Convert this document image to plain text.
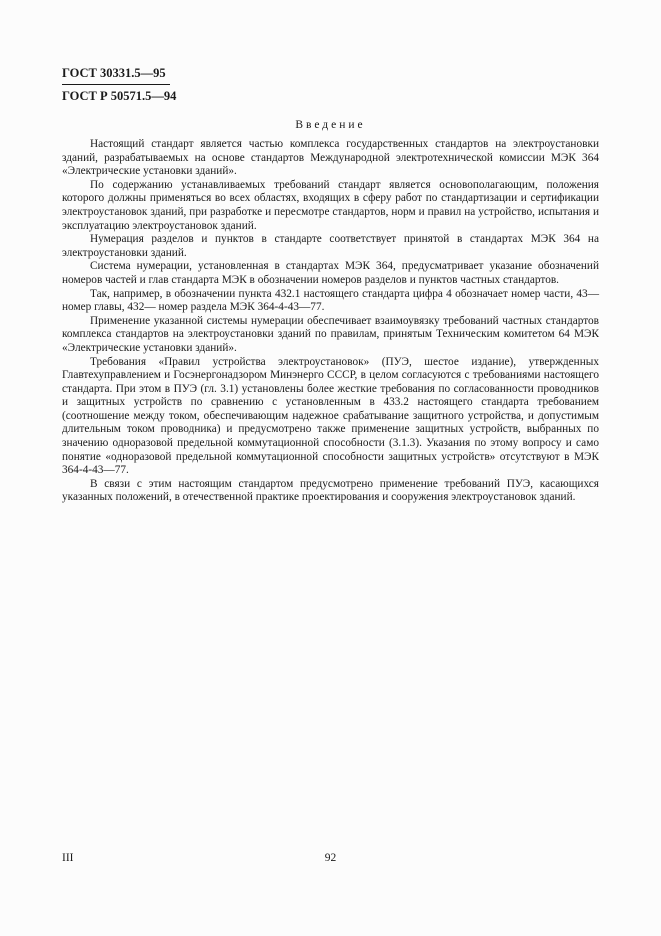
ГОСТ 30331.5—95
ГОСТ Р 50571.5—94
Введение

Настоящий стандарт является частью комплекса государственных стандартов на электроустановки зданий, разрабатываемых на основе стандартов Международной электротехнической комиссии МЭК 364 «Электрические установки зданий».

По содержанию устанавливаемых требований стандарт является основополагающим, положения которого должны применяться во всех областях, входящих в сферу работ по стандартизации и сертификации электроустановок зданий, при разработке и пересмотре стандартов, норм и правил на устройство, испытания и эксплуатацию электроустановок зданий.

Нумерация разделов и пунктов в стандарте соответствует принятой в стандартах МЭК 364 на электроустановки зданий.

Система нумерации, установленная в стандартах МЭК 364, предусматривает указание обозначений номеров частей и глав стандарта МЭК в обозначении номеров разделов и пунктов частных стандартов.

Так, например, в обозначении пункта 432.1 настоящего стандарта цифра 4 обозначает номер части, 43— номер главы, 432— номер раздела МЭК 364-4-43—77.

Применение указанной системы нумерации обеспечивает взаимоувязку требований частных стандартов комплекса стандартов на электроустановки зданий по правилам, принятым Техническим комитетом 64 МЭК «Электрические установки зданий».

Требования «Правил устройства электроустановок» (ПУЭ, шестое издание), утвержденных Главтехуправлением и Госэнергонадзором Минэнерго СССР, в целом согласуются с требованиями настоящего стандарта. При этом в ПУЭ (гл. 3.1) установлены более жесткие требования по согласованности проводников и защитных устройств по сравнению с установленным в 433.2 настоящего стандарта требованием (соотношение между током, обеспечивающим надежное срабатывание защитного устройства, и допустимым длительным током проводника) и предусмотрено также применение защитных устройств, выбранных по значению одноразовой предельной коммутационной способности (3.1.3). Указания по этому вопросу и само понятие «одноразовой предельной коммутационной способности защитных устройств» отсутствуют в МЭК 364-4-43—77.

В связи с этим настоящим стандартом предусмотрено применение требований ПУЭ, касающихся указанных положений, в отечественной практике проектирования и сооружения электроустановок зданий.

III	92
